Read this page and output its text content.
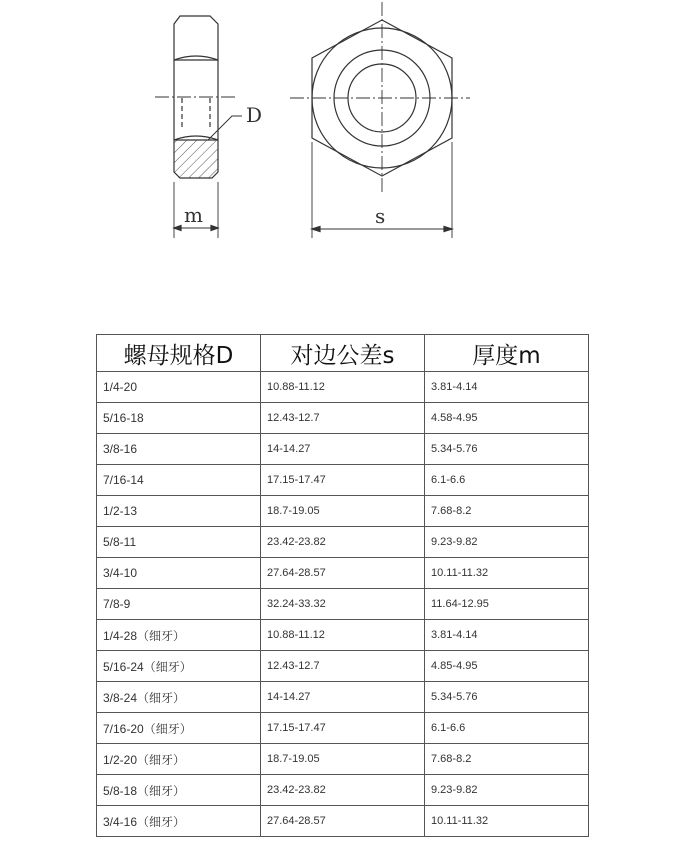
D
m	s
螺母规格D	对边公差s	厚度m
1/4-20	10.88-11.12	3.81-4.14
5/16-18	12.43-12.7	4.58-4.95
3/8-16	14-14.27	5.34-5.76
7/16-14	17.15-17.47	6.1-6.6
1/2-13	18.7-19.05	7.68-8.2
5/8-11	23.42-23.82	9.23-9.82
3/4-10	27.64-28.57	10.11-11.32
7/8-9	32.24-33.32	11.64-12.95
1/4-28（细牙）	10.88-11.12	3.81-4.14
5/16-24（细牙）	12.43-12.7	4.85-4.95
3/8-24（细牙）	14-14.27	5.34-5.76
7/16-20（细牙）	17.15-17.47	6.1-6.6
1/2-20（细牙）	18.7-19.05	7.68-8.2
5/8-18（细牙）	23.42-23.82	9.23-9.82
3/4-16（细牙）	27.64-28.57	10.11-11.32
